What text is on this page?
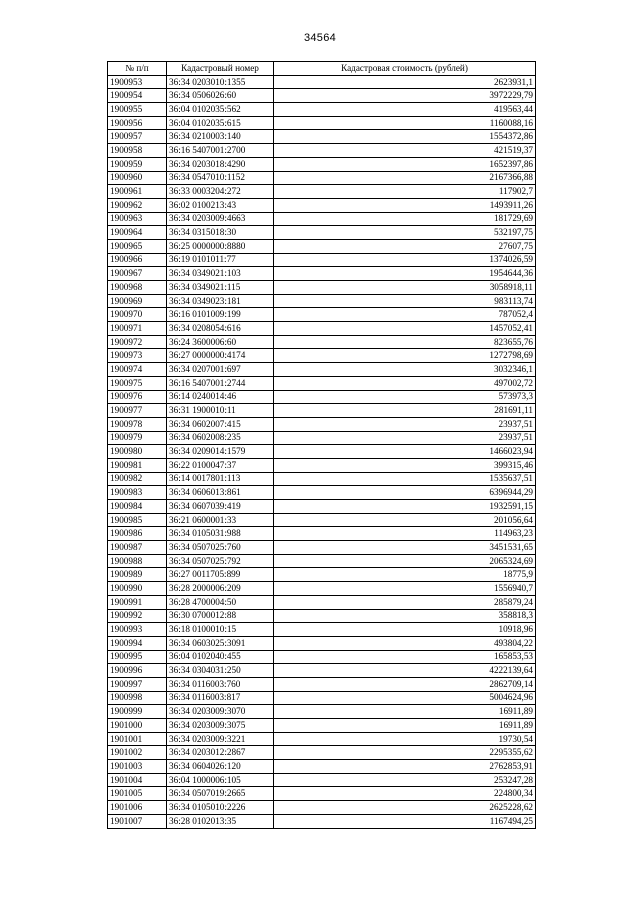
34564
№ п/п	Кадастровый номер	Кадастровая стоимость (рублей)
1900953	36:34 0203010:1355	2623931,1
1900954	36:34 0506026:60	3972229,79
1900955	36:04 0102035:562	419563,44
1900956	36:04 0102035:615	1160088,16
1900957	36:34 0210003:140	1554372,86
1900958	36:16 5407001:2700	421519,37
1900959	36:34 0203018:4290	1652397,86
1900960	36:34 0547010:1152	2167366,88
1900961	36:33 0003204:272	117902,7
1900962	36:02 0100213:43	1493911,26
1900963	36:34 0203009:4663	181729,69
1900964	36:34 0315018:30	532197,75
1900965	36:25 0000000:8880	27607,75
1900966	36:19 0101011:77	1374026,59
1900967	36:34 0349021:103	1954644,36
1900968	36:34 0349021:115	3058918,11
1900969	36:34 0349023:181	983113,74
1900970	36:16 0101009:199	787052,4
1900971	36:34 0208054:616	1457052,41
1900972	36:24 3600006:60	823655,76
1900973	36:27 0000000:4174	1272798,69
1900974	36:34 0207001:697	3032346,1
1900975	36:16 5407001:2744	497002,72
1900976	36:14 0240014:46	573973,3
1900977	36:31 1900010:11	281691,11
1900978	36:34 0602007:415	23937,51
1900979	36:34 0602008:235	23937,51
1900980	36:34 0209014:1579	1466023,94
1900981	36:22 0100047:37	399315,46
1900982	36:14 0017801:113	1535637,51
1900983	36:34 0606013:861	6396944,29
1900984	36:34 0607039:419	1932591,15
1900985	36:21 0600001:33	201056,64
1900986	36:34 0105031:988	114963,23
1900987	36:34 0507025:760	3451531,65
1900988	36:34 0507025:792	2065324,69
1900989	36:27 0011705:899	18775,9
1900990	36:28 2000006:209	1556940,7
1900991	36:28 4700004:50	285879,24
1900992	36:30 0700012:88	358818,3
1900993	36:18 0100010:15	10918,96
1900994	36:34 0603025:3091	493804,22
1900995	36:04 0102040:455	165853,53
1900996	36:34 0304031:250	4222139,64
1900997	36:34 0116003:760	2862709,14
1900998	36:34 0116003:817	5004624,96
1900999	36:34 0203009:3070	16911,89
1901000	36:34 0203009:3075	16911,89
1901001	36:34 0203009:3221	19730,54
1901002	36:34 0203012:2867	2295355,62
1901003	36:34 0604026:120	2762853,91
1901004	36:04 1000006:105	253247,28
1901005	36:34 0507019:2665	224800,34
1901006	36:34 0105010:2226	2625228,62
1901007	36:28 0102013:35	1167494,25
